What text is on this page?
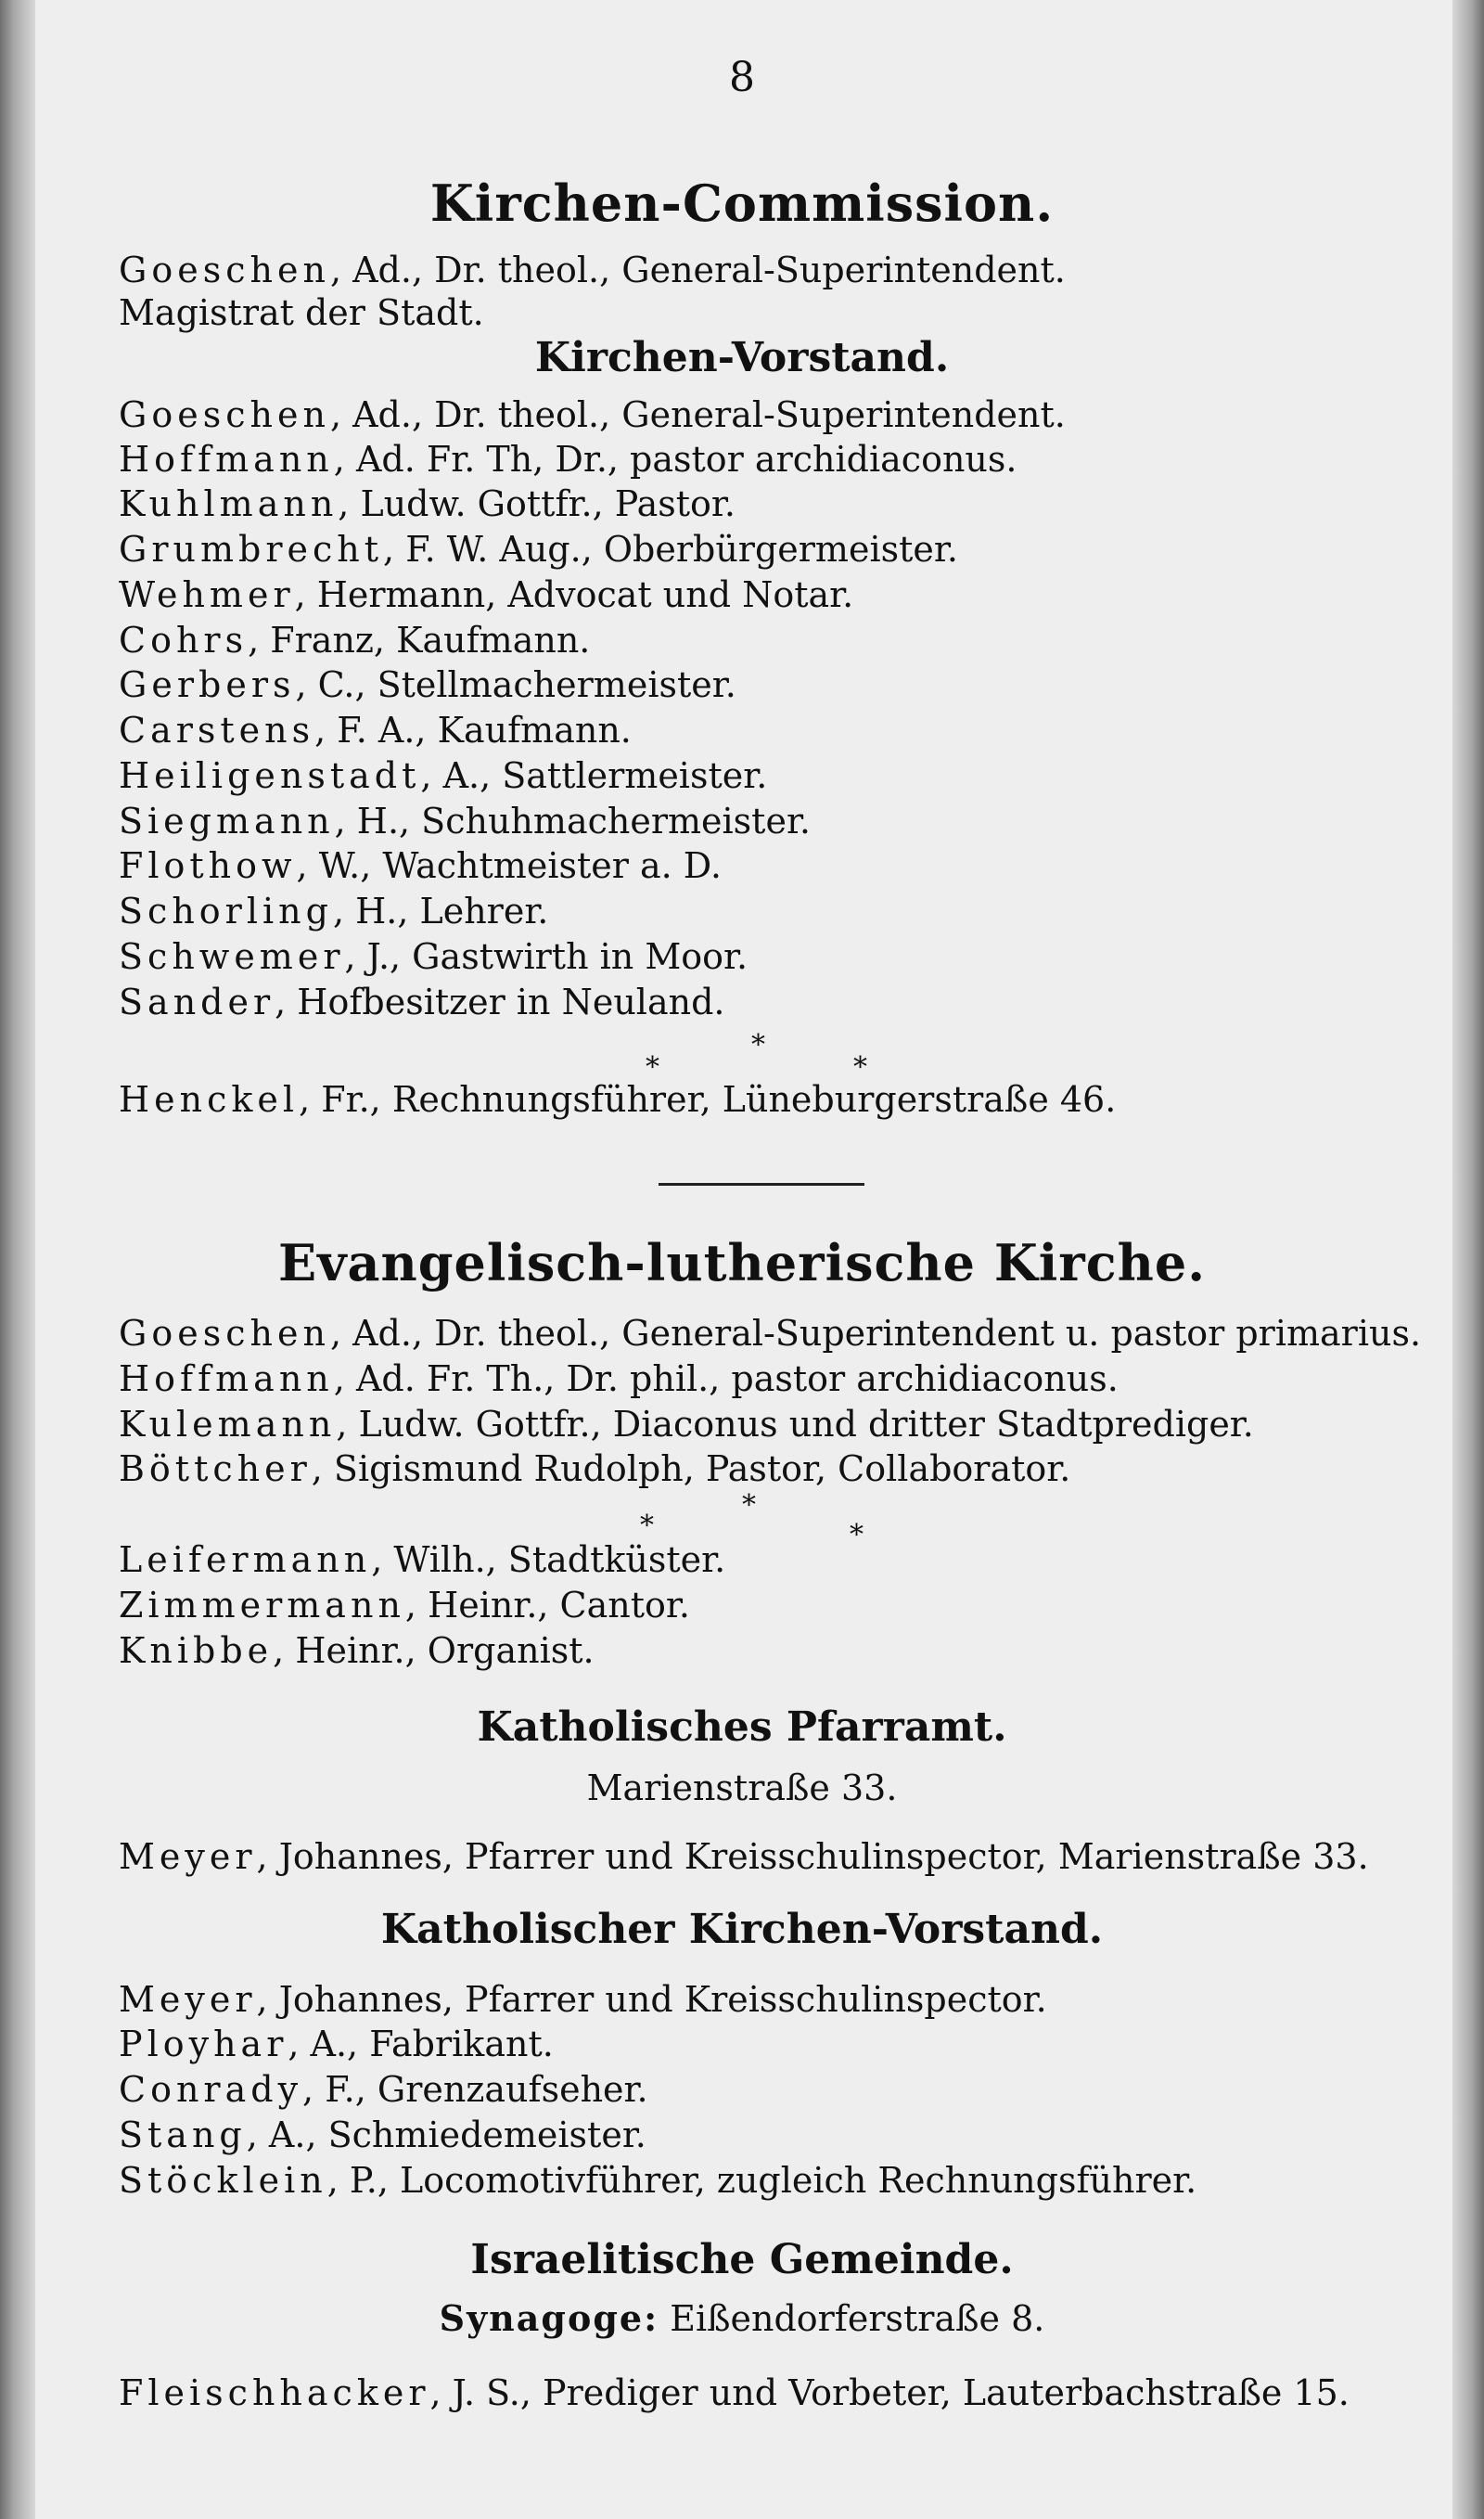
8
Kirchen-Commission.
Goeschen, Ad., Dr. theol., General-Superintendent.
Magistrat der Stadt.
Kirchen-Vorstand.
Goeschen, Ad., Dr. theol., General-Superintendent.
Hoffmann, Ad. Fr. Th, Dr., pastor archidiaconus.
Kuhlmann, Ludw. Gottfr., Pastor.
Grumbrecht, F. W. Aug., Oberbürgermeister.
Wehmer, Hermann, Advocat und Notar.
Cohrs, Franz, Kaufmann.
Gerbers, C., Stellmachermeister.
Carstens, F. A., Kaufmann.
Heiligenstadt, A., Sattlermeister.
Siegmann, H., Schuhmachermeister.
Flothow, W., Wachtmeister a. D.
Schorling, H., Lehrer.
Schwemer, J., Gastwirth in Moor.
Sander, Hofbesitzer in Neuland.
*
*
*
Henckel, Fr., Rechnungsführer, Lüneburgerstraße 46.
Evangelisch-lutherische Kirche.
Goeschen, Ad., Dr. theol., General-Superintendent u. pastor primarius.
Hoffmann, Ad. Fr. Th., Dr. phil., pastor archidiaconus.
Kulemann, Ludw. Gottfr., Diaconus und dritter Stadtprediger.
Böttcher, Sigismund Rudolph, Pastor, Collaborator.
*
*
*
Leifermann, Wilh., Stadtküster.
Zimmermann, Heinr., Cantor.
Knibbe, Heinr., Organist.
Katholisches Pfarramt.
Marienstraße 33.
Meyer, Johannes, Pfarrer und Kreisschulinspector, Marienstraße 33.
Katholischer Kirchen-Vorstand.
Meyer, Johannes, Pfarrer und Kreisschulinspector.
Ployhar, A., Fabrikant.
Conrady, F., Grenzaufseher.
Stang, A., Schmiedemeister.
Stöcklein, P., Locomotivführer, zugleich Rechnungsführer.
Israelitische Gemeinde.
Synagoge: Eißendorferstraße 8.
Fleischhacker, J. S., Prediger und Vorbeter, Lauterbachstraße 15.
